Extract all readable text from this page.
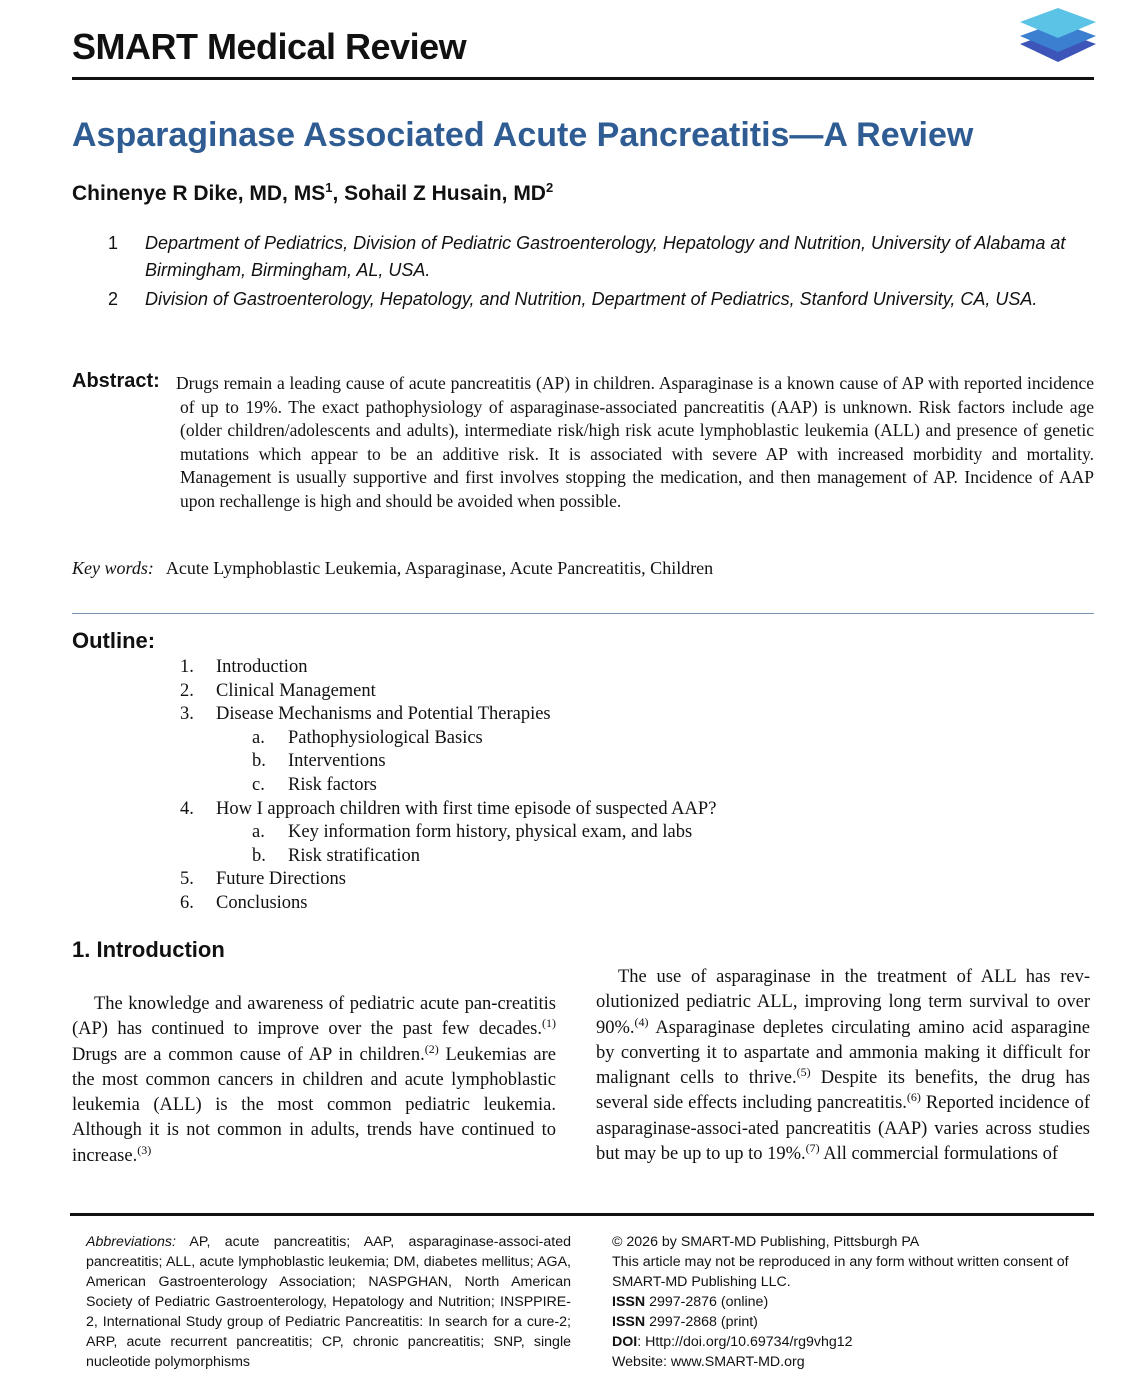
SMART Medical Review
Asparaginase Associated Acute Pancreatitis—A Review
Chinenye R Dike, MD, $MS^1$, Sohail Z Husain, $MD^2$
1 Department of Pediatrics, Division of Pediatric Gastroenterology, Hepatology and Nutrition, University of Alabama at Birmingham, Birmingham, AL, USA.
2 Division of Gastroenterology, Hepatology, and Nutrition, Department of Pediatrics, Stanford University, CA, USA.
Abstract: Drugs remain a leading cause of acute pancreatitis (AP) in children. Asparaginase is a known cause of AP with reported incidence of up to 19%. The exact pathophysiology of asparaginase-associated pancreatitis (AAP) is unknown. Risk factors include age (older children/adolescents and adults), intermediate risk/high risk acute lymphoblastic leukemia (ALL) and presence of genetic mutations which appear to be an additive risk. It is associated with severe AP with increased morbidity and mortality. Management is usually supportive and first involves stopping the medication, and then management of AP. Incidence of AAP upon rechallenge is high and should be avoided when possible.

Key words: Acute Lymphoblastic Leukemia, Asparaginase, Acute Pancreatitis, Children
Outline:
1. Introduction
2. Clinical Management
3. Disease Mechanisms and Potential Therapies
a. Pathophysiological Basics
b. Interventions
c. Risk factors
4. How I approach children with first time episode of suspected AAP?
a. Key information form history, physical exam, and labs
b. Risk stratification
5. Future Directions
6. Conclusions
1. Introduction

The knowledge and awareness of pediatric acute pan-creatitis (AP) has continued to improve over the past few decades.$^{(1)}$ Drugs are a common cause of AP in children.$^{(2)}$ Leukemias are the most common cancers in children and acute lymphoblastic leukemia (ALL) is the most common pediatric leukemia. Although it is not common in adults, trends have continued to increase.$^{(3)}$

The use of asparaginase in the treatment of ALL has rev-olutionized pediatric ALL, improving long term survival to over 90%.$^{(4)}$ Asparaginase depletes circulating amino acid asparagine by converting it to aspartate and ammonia making it difficult for malignant cells to thrive.$^{(5)}$ Despite its benefits, the drug has several side effects including pancreatitis.$^{(6)}$ Reported incidence of asparaginase-associ-ated pancreatitis (AAP) varies across studies but may be up to up to 19%.$^{(7)}$ All commercial formulations of

Abbreviations: AP, acute pancreatitis; AAP, asparaginase-associ-ated pancreatitis; ALL, acute lymphoblastic leukemia; DM, diabetes mellitus; AGA, American Gastroenterology Association; NASPGHAN, North American Society of Pediatric Gastroenterology, Hepatology and Nutrition; INSPPIRE-2, International Study group of Pediatric Pancreatitis: In search for a cure-2; ARP, acute recurrent pancreatitis; CP, chronic pancreatitis; SNP, single nucleotide polymorphisms
© 2026 by SMART-MD Publishing, Pittsburgh PA
This article may not be reproduced in any form without written consent of SMART-MD Publishing LLC.
ISSN 2997-2876 (online)
ISSN 2997-2868 (print)
DOI: Http://doi.org/10.69734/rg9vhg12
Website: www.SMART-MD.org
